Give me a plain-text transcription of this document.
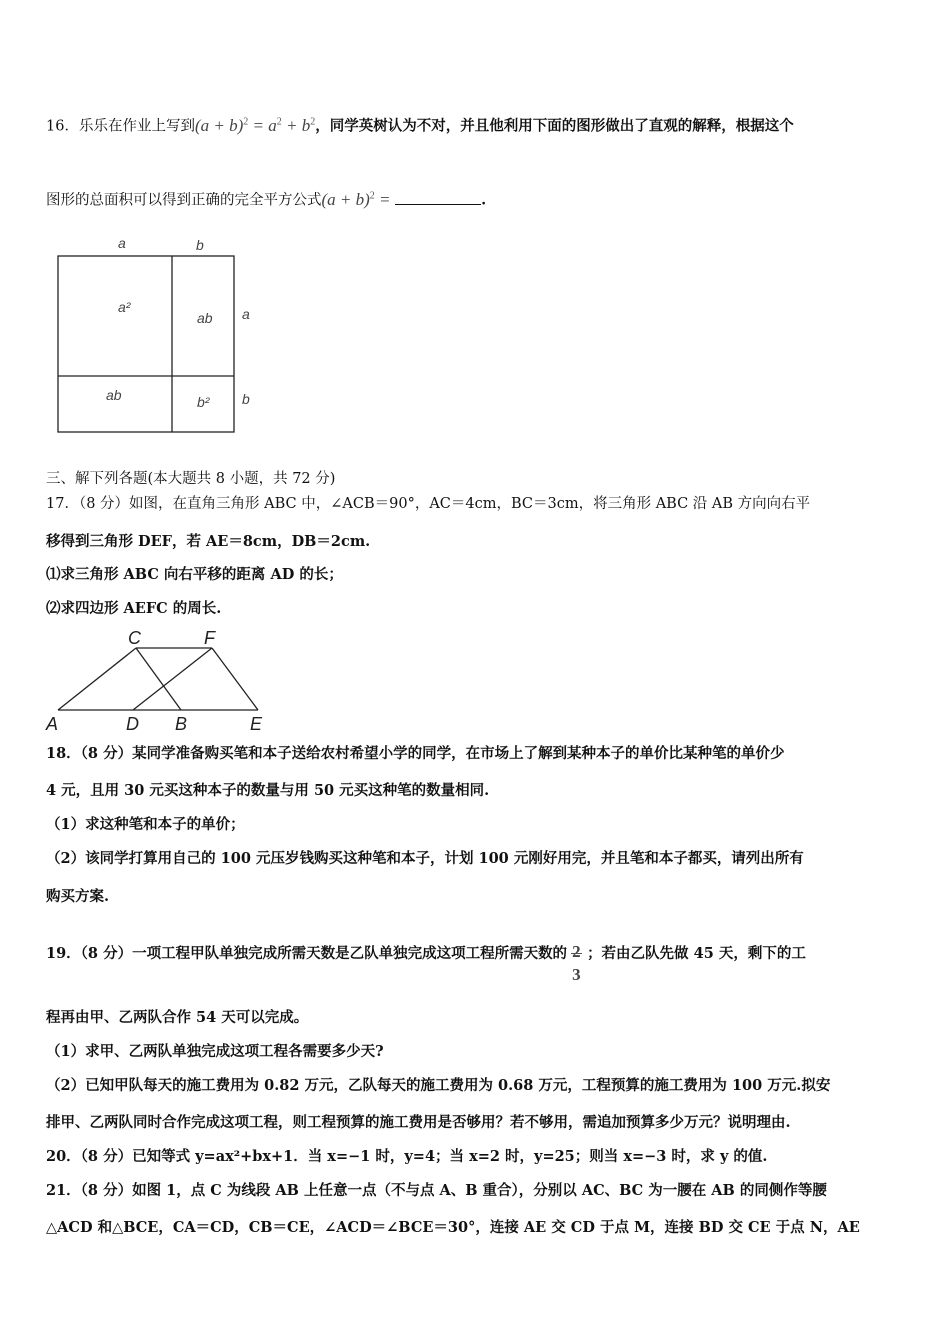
16．乐乐在作业上写到$(a + b)^2 = a^2 + b^2$，同学英树认为不对，并且他利用下面的图形做出了直观的解释，根据这个
图形的总面积可以得到正确的完全平方公式$(a + b)^2$ =	.
a	b
a
b
a²
ab
ab	b²
三、解下列各题(本大题共 8 小题，共 72 分)
17．（8 分）如图，在直角三角形 ABC 中，∠ACB＝90°，AC＝4cm，BC＝3cm，将三角形 ABC 沿 AB 方向向右平
移得到三角形 DEF，若 AE＝8cm，DB＝2cm.
⑴求三角形 ABC 向右平移的距离 AD 的长；
⑵求四边形 AEFC 的周长.
A	D B	E
C	F
18．（8 分）某同学准备购买笔和本子送给农村希望小学的同学，在市场上了解到某种本子的单价比某种笔的单价少
4 元，且用 30 元买这种本子的数量与用 50 元买这种笔的数量相同.
（1）求这种笔和本子的单价；
（2）该同学打算用自己的 100 元压岁钱购买这种笔和本子，计划 100 元刚好用完，并且笔和本子都买，请列出所有
购买方案.
19．（8 分）一项工程甲队单独完成所需天数是乙队单独完成这项工程所需天数的 2
3
；若由乙队先做 45 天，剩下的工
程再由甲、乙两队合作 54 天可以完成。
（1）求甲、乙两队单独完成这项工程各需要多少天?
（2）已知甲队每天的施工费用为 0.82 万元，乙队每天的施工费用为 0.68 万元，工程预算的施工费用为 100 万元.拟安
排甲、乙两队同时合作完成这项工程，则工程预算的施工费用是否够用？若不够用，需追加预算多少万元？说明理由.
20．（8 分）已知等式 y=ax²+bx+1．当 x=−1 时，y=4；当 x=2 时，y=25；则当 x=−3 时，求 y 的值.
21．（8 分）如图 1，点 C 为线段 AB 上任意一点（不与点 A、B 重合），分别以 AC、BC 为一腰在 AB 的同侧作等腰
△ACD 和△BCE，CA＝CD，CB＝CE，∠ACD＝∠BCE＝30°，连接 AE 交 CD 于点 M，连接 BD 交 CE 于点 N，AE
